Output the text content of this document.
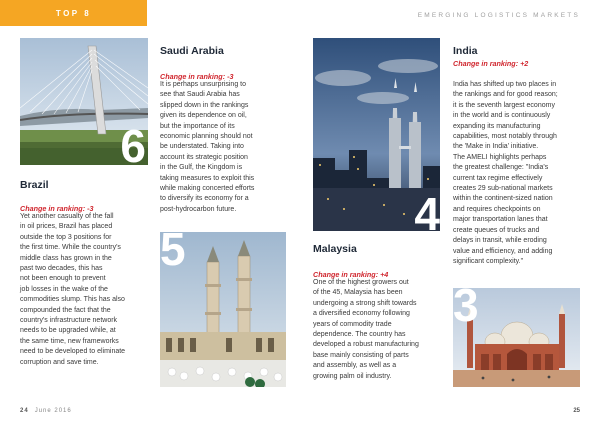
TOP 8	EMERGING LOGISTICS MARKETS
6
Brazil
Change in ranking: -3

Yet another casualty of the fall

in oil prices, Brazil has placed

outside the top 3 positions for

the first time. While the country's

middle class has grown in the

past two decades, this has

not been enough to prevent

job losses in the wake of the

commodities slump. This has also

compounded the fact that the

country's infrastructure network

needs to be upgraded while, at

the same time, new frameworks

need to be developed to eliminate

corruption and save time.

Saudi Arabia
Change in ranking: -3

It is perhaps unsurprising to

see that Saudi Arabia has

slipped down in the rankings

given its dependence on oil,

but the importance of its

economic planning should not

be understated. Taking into

account its strategic position

in the Gulf, the Kingdom is

taking measures to exploit this

while making concerted efforts

to diversify its economy for a

post-hydrocarbon future.

5
4
Malaysia
Change in ranking: +4

One of the highest growers out

of the 45, Malaysia has been

undergoing a strong shift towards

a diversified economy following

years of commodity trade

dependence. The country has

developed a robust manufacturing

base mainly consisting of parts

and assembly, as well as a

growing palm oil industry.

India
Change in ranking: +2

India has shifted up two places in

the rankings and for good reason;

it is the seventh largest economy

in the world and is continuously

expanding its manufacturing

capabilities, most notably through

the 'Make in India' initiative.

The AMELI highlights perhaps

the greatest challenge: "India's

current tax regime effectively

creates 29 sub-national markets

within the continent-sized nation

and requires checkpoints on

major transportation lanes that

create queues of trucks and

delays in transit, while eroding

value and efficiency, and adding

significant complexity."

3
24 June 2016	25
